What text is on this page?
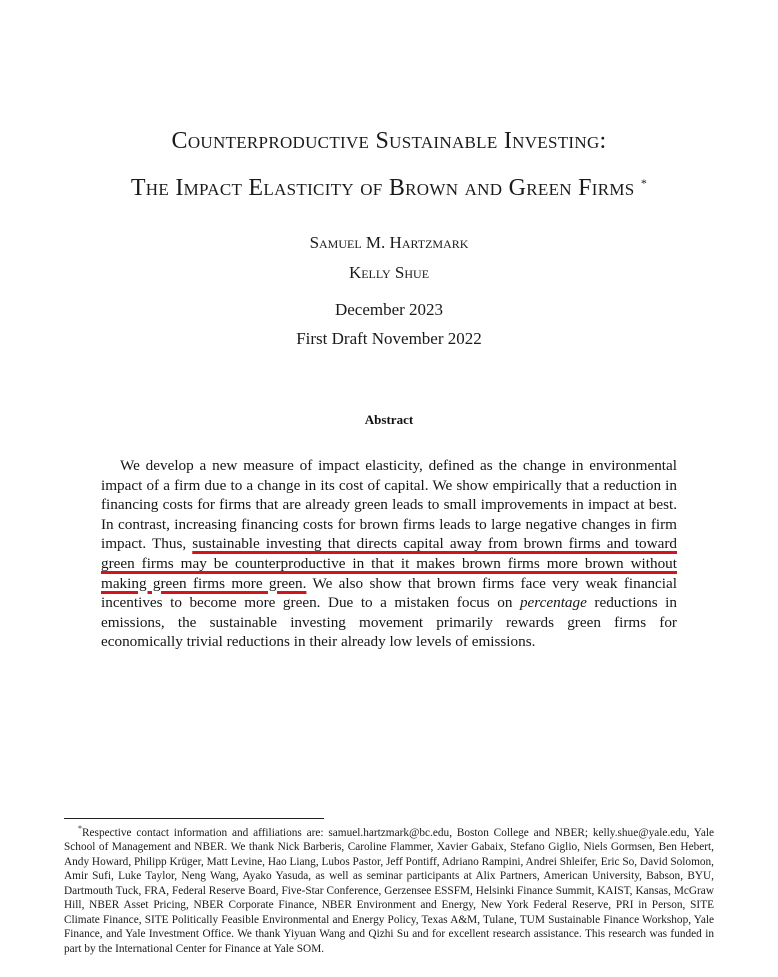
Counterproductive Sustainable Investing:
The Impact Elasticity of Brown and Green Firms *
Samuel M. Hartzmark
Kelly Shue
December 2023
First Draft November 2022
Abstract

We develop a new measure of impact elasticity, defined as the change in environmental impact of a firm due to a change in its cost of capital. We show empirically that a reduction in financing costs for firms that are already green leads to small improvements in impact at best. In contrast, increasing financing costs for brown firms leads to large negative changes in firm impact. Thus, sustainable investing that directs capital away from brown firms and toward green firms may be counterproductive in that it makes brown firms more brown without making green firms more green. We also show that brown firms face very weak financial incentives to become more green. Due to a mistaken focus on percentage reductions in emissions, the sustainable investing movement primarily rewards green firms for economically trivial reductions in their already low levels of emissions.

*Respective contact information and affiliations are: samuel.hartzmark@bc.edu, Boston College and NBER; kelly.shue@yale.edu, Yale School of Management and NBER. We thank Nick Barberis, Caroline Flammer, Xavier Gabaix, Stefano Giglio, Niels Gormsen, Ben Hebert, Andy Howard, Philipp Krüger, Matt Levine, Hao Liang, Lubos Pastor, Jeff Pontiff, Adriano Rampini, Andrei Shleifer, Eric So, David Solomon, Amir Sufi, Luke Taylor, Neng Wang, Ayako Yasuda, as well as seminar participants at Alix Partners, American University, Babson, BYU, Dartmouth Tuck, FRA, Federal Reserve Board, Five-Star Conference, Gerzensee ESSFM, Helsinki Finance Summit, KAIST, Kansas, McGraw Hill, NBER Asset Pricing, NBER Corporate Finance, NBER Environment and Energy, New York Federal Reserve, PRI in Person, SITE Climate Finance, SITE Politically Feasible Environmental and Energy Policy, Texas A&M, Tulane, TUM Sustainable Finance Workshop, Yale Finance, and Yale Investment Office. We thank Yiyuan Wang and Qizhi Su and for excellent research assistance. This research was funded in part by the International Center for Finance at Yale SOM.
